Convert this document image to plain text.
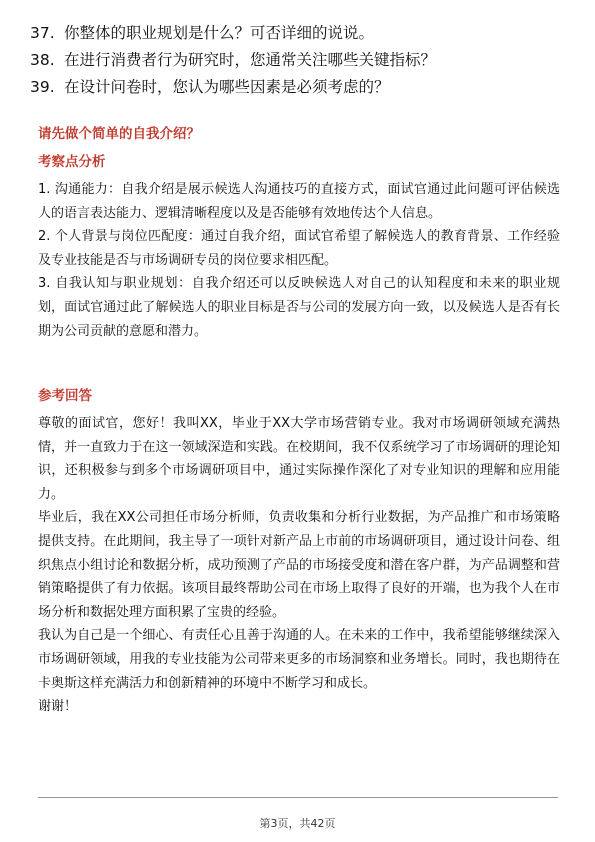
37. 你整体的职业规划是什么？可否详细的说说。
38. 在进行消费者行为研究时，您通常关注哪些关键指标？
39. 在设计问卷时，您认为哪些因素是必须考虑的？
请先做个简单的自我介绍？
考察点分析

1. 沟通能力：自我介绍是展示候选人沟通技巧的直接方式，面试官通过此问题可评估候选人的语言表达能力、逻辑清晰程度以及是否能够有效地传达个人信息。

2. 个人背景与岗位匹配度：通过自我介绍，面试官希望了解候选人的教育背景、工作经验及专业技能是否与市场调研专员的岗位要求相匹配。

3. 自我认知与职业规划：自我介绍还可以反映候选人对自己的认知程度和未来的职业规划，面试官通过此了解候选人的职业目标是否与公司的发展方向一致，以及候选人是否有长期为公司贡献的意愿和潜力。

参考回答

尊敬的面试官，您好！我叫XX，毕业于XX大学市场营销专业。我对市场调研领域充满热情，并一直致力于在这一领域深造和实践。在校期间，我不仅系统学习了市场调研的理论知识，还积极参与到多个市场调研项目中，通过实际操作深化了对专业知识的理解和应用能力。

毕业后，我在XX公司担任市场分析师，负责收集和分析行业数据，为产品推广和市场策略提供支持。在此期间，我主导了一项针对新产品上市前的市场调研项目，通过设计问卷、组织焦点小组讨论和数据分析，成功预测了产品的市场接受度和潜在客户群，为产品调整和营销策略提供了有力依据。该项目最终帮助公司在市场上取得了良好的开端，也为我个人在市场分析和数据处理方面积累了宝贵的经验。

我认为自己是一个细心、有责任心且善于沟通的人。在未来的工作中，我希望能够继续深入市场调研领域，用我的专业技能为公司带来更多的市场洞察和业务增长。同时，我也期待在卡奥斯这样充满活力和创新精神的环境中不断学习和成长。

谢谢！

第3页，共42页
